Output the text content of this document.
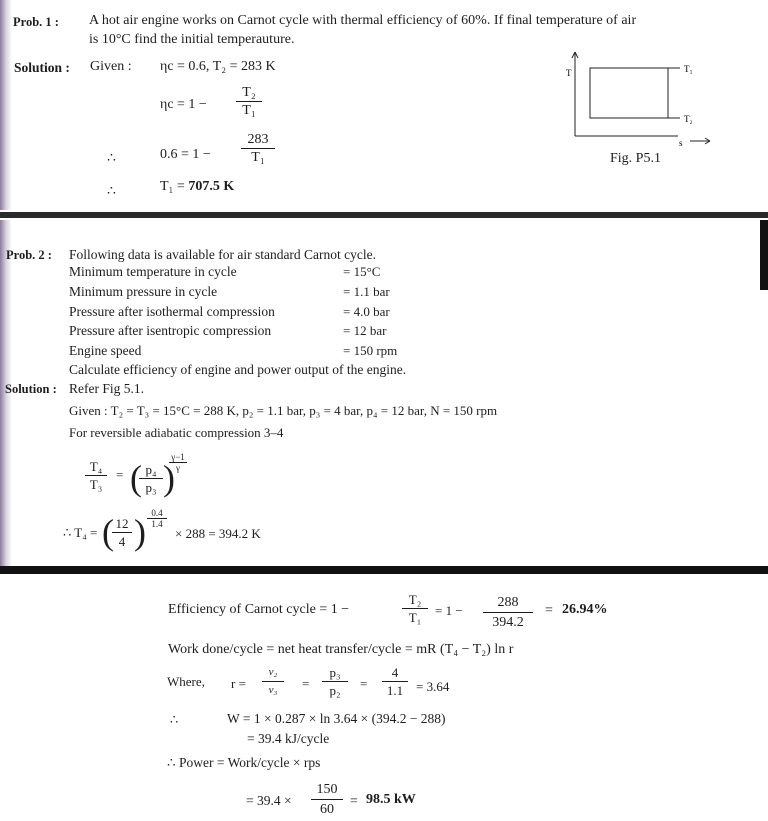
Prob. 1 : A hot air engine works on Carnot cycle with thermal efficiency of 60%. If final temperature of air
is 10°C find the initial temperauture.
Solution : Given : ηc = 0.6, T₂ = 283 K
$\eta c = 1 - \frac{\text{T₂}}{\text{T₁}}$
∴	$0.6 = 1 - \frac{283}{\text{T₁}}$
∴	T₁ = 707.5 K
T₁
T₂
s
T
Fig. P5.1
Prob. 2 : Following data is available for air standard Carnot cycle.
Minimum temperature in cycle	= 15°C
Minimum pressure in cycle	= 1.1 bar
Pressure after isothermal compression	= 4.0 bar
Pressure after isentropic compression	= 12 bar
Engine speed	= 150 rpm
Calculate efficiency of engine and power output of the engine.
Solution : Refer Fig 5.1.
Given : T₂ = T₃ = 15°C = 288 K, p₂ = 1.1 bar, p₃ = 4 bar, p₄ = 12 bar, N = 150 rpm
For reversible adiabatic compression 3–4
$\frac{\text{T₄}}{\text{T₃}}$ = (
$\frac{\text{p₄}}{\text{p₃}}$ )
$\frac{\gamma-1}{\gamma}$
∴ T₄ = (
$\frac{12}{4}$ ) $\frac{0.4}{1.4}$
× 288 = 394.2 K
Efficiency of Carnot cycle = 1 −	$\frac{\text{T₂}}{\text{T₁}} = 1 - \frac{288}{394.2} = 26.94\%$
Work done/cycle = net heat transfer/cycle = mR (T₄ − T₂) ln r
Where, $r = \frac{\text{v₂}}{\text{v₃}} = \frac{\text{p₃}}{\text{p₂}} = \frac{4}{1.1} = 3.64$
∴	W = 1 × 0.287 × ln 3.64 × (394.2 − 288)
= 39.4 kJ/cycle
∴ Power = Work/cycle × rps
= $39.4 \times \frac{150}{60} = 98.5$ kW
